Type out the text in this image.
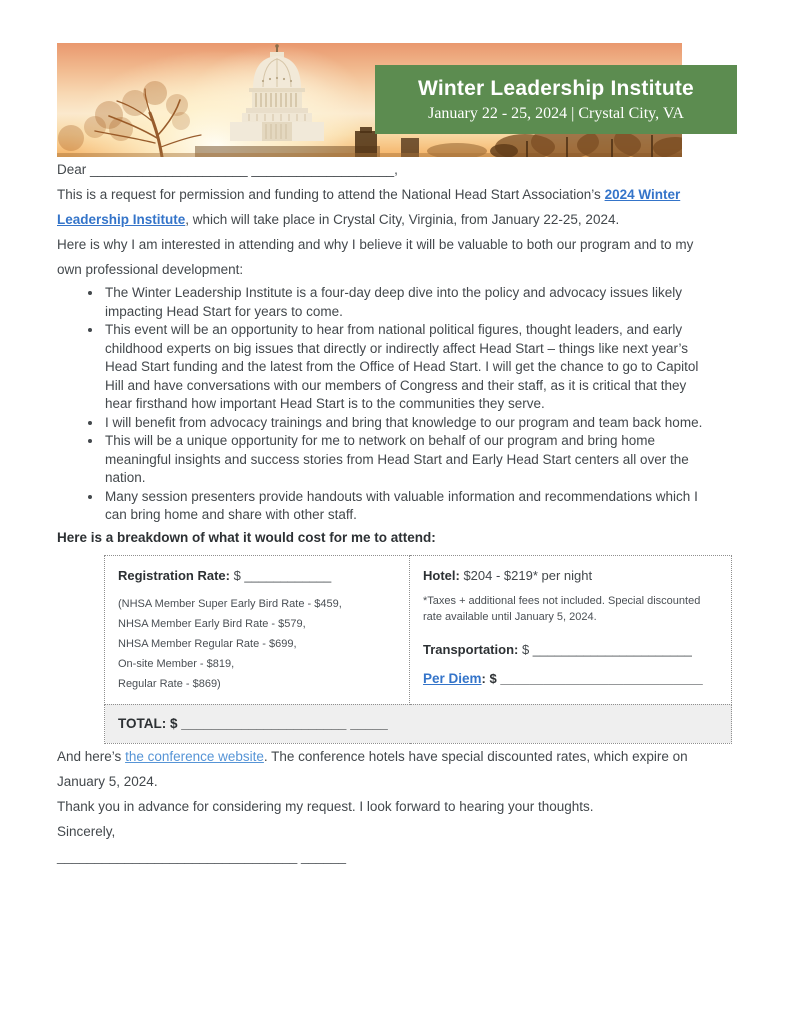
Winter Leadership Institute
January 22 - 25, 2024 | Crystal City, VA

Dear _____________________ ___________________,

This is a request for permission and funding to attend the National Head Start Association’s 2024 Winter Leadership Institute, which will take place in Crystal City, Virginia, from January 22-25, 2024.

Here is why I am interested in attending and why I believe it will be valuable to both our program and to my own professional development:

• The Winter Leadership Institute is a four-day deep dive into the policy and advocacy issues likely impacting Head Start for years to come.
• This event will be an opportunity to hear from national political figures, thought leaders, and early childhood experts on big issues that directly or indirectly affect Head Start – things like next year’s Head Start funding and the latest from the Office of Head Start. I will get the chance to go to Capitol Hill and have conversations with our members of Congress and their staff, as it is critical that they hear firsthand how important Head Start is to the communities they serve.
• I will benefit from advocacy trainings and bring that knowledge to our program and team back home.
• This will be a unique opportunity for me to network on behalf of our program and bring home meaningful insights and success stories from Head Start and Early Head Start centers all over the nation.
• Many session presenters provide handouts with valuable information and recommendations which I can bring home and share with other staff.

Here is a breakdown of what it would cost for me to attend:

Registration Rate: $ ____________
(NHSA Member Super Early Bird Rate - $459,
NHSA Member Early Bird Rate - $579,
NHSA Member Regular Rate - $699,
On-site Member - $819,
Regular Rate - $869)

Hotel: $204 - $219* per night
*Taxes + additional fees not included. Special discounted rate available until January 5, 2024.
Transportation: $ ______________________
Per Diem: $ ____________________________

TOTAL: $ ______________________ _____

And here’s the conference website. The conference hotels have special discounted rates, which expire on January 5, 2024.

Thank you in advance for considering my request. I look forward to hearing your thoughts.

Sincerely,

________________________________ ______
